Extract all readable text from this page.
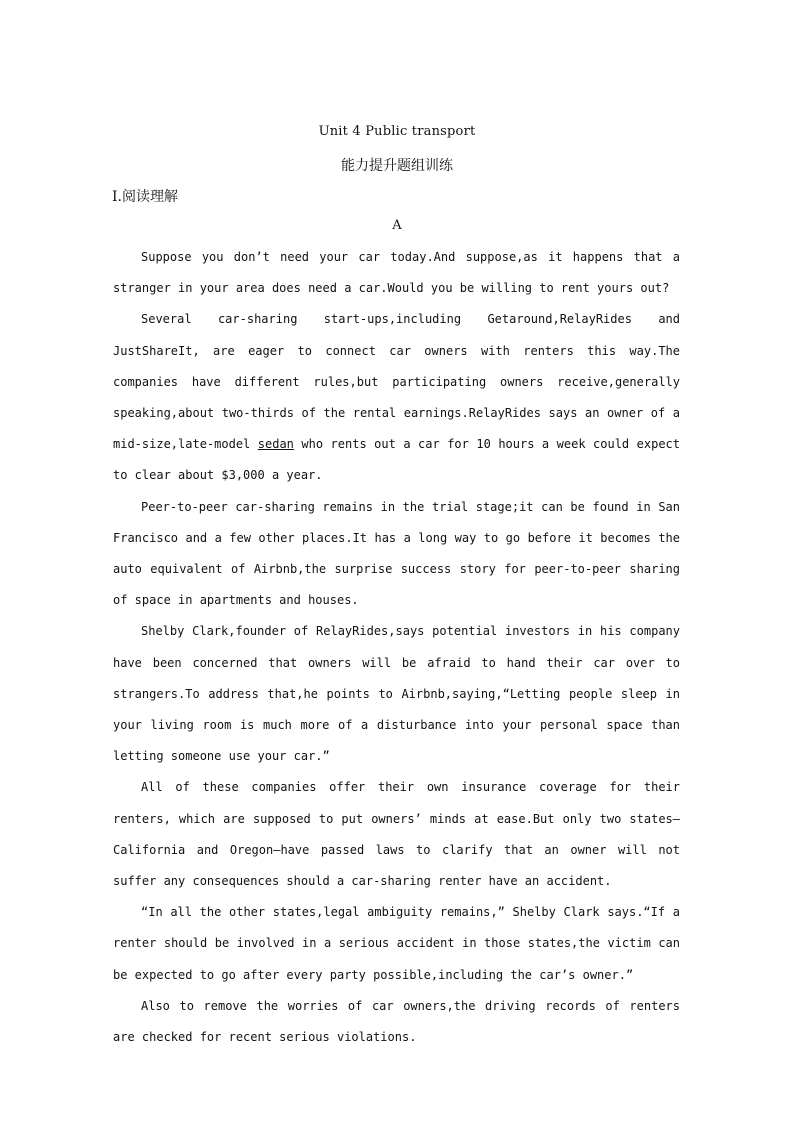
Unit 4 Public transport
能力提升题组训练
Ⅰ.阅读理解
A

Suppose you don’t need your car today.And suppose,as it happens that a stranger in your area does need a car.Would you be willing to rent yours out?

Several car-sharing start-ups,including Getaround,RelayRides and JustShareIt, are eager to connect car owners with renters this way.The companies have different rules,but participating owners receive,generally speaking,about two-thirds of the rental earnings.RelayRides says an owner of a mid-size,late-model sedan who rents out a car for 10 hours a week could expect to clear about $3,000 a year.

Peer-to-peer car-sharing remains in the trial stage;it can be found in San Francisco and a few other places.It has a long way to go before it becomes the auto equivalent of Airbnb,the surprise success story for peer-to-peer sharing of space in apartments and houses.

Shelby Clark,founder of RelayRides,says potential investors in his company have been concerned that owners will be afraid to hand their car over to strangers.To address that,he points to Airbnb,saying,“Letting people sleep in your living room is much more of a disturbance into your personal space than letting someone use your car.”

All of these companies offer their own insurance coverage for their renters, which are supposed to put owners’ minds at ease.But only two states—California and Oregon—have passed laws to clarify that an owner will not suffer any consequences should a car-sharing renter have an accident.

“In all the other states,legal ambiguity remains,” Shelby Clark says.“If a renter should be involved in a serious accident in those states,the victim can be expected to go after every party possible,including the car’s owner.”

Also to remove the worries of car owners,the driving records of renters are checked for recent serious violations.
